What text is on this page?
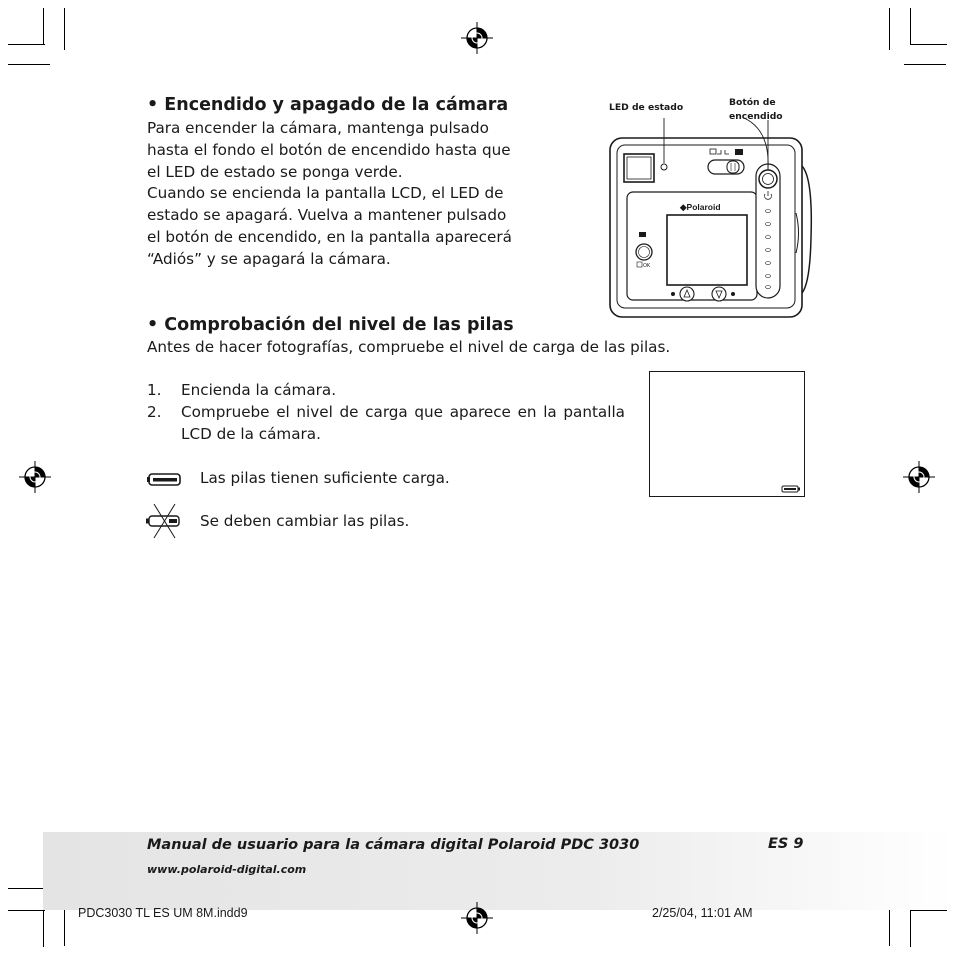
• Encendido y apagado de la cámara

Para encender la cámara, mantenga pulsado

hasta el fondo el botón de encendido hasta que

el LED de estado se ponga verde.

Cuando se encienda la pantalla LCD, el LED de

estado se apagará. Vuelva a mantener pulsado

el botón de encendido, en la pantalla aparecerá

“Adiós” y se apagará la cámara.

LED de estado	Botón de
encendido
OK
◆Polaroid
• Comprobación del nivel de las pilas
Antes de hacer fotografías, compruebe el nivel de carga de las pilas.
1. Encienda la cámara.
2. Compruebe el nivel de carga que aparece en la pantalla LCD de la cámara.
Las pilas tienen suficiente carga.
Se deben cambiar las pilas.
Manual de usuario para la cámara digital Polaroid PDC 3030	ES 9
www.polaroid-digital.com
PDC3030 TL ES UM 8M.indd9	2/25/04, 11:01 AM
